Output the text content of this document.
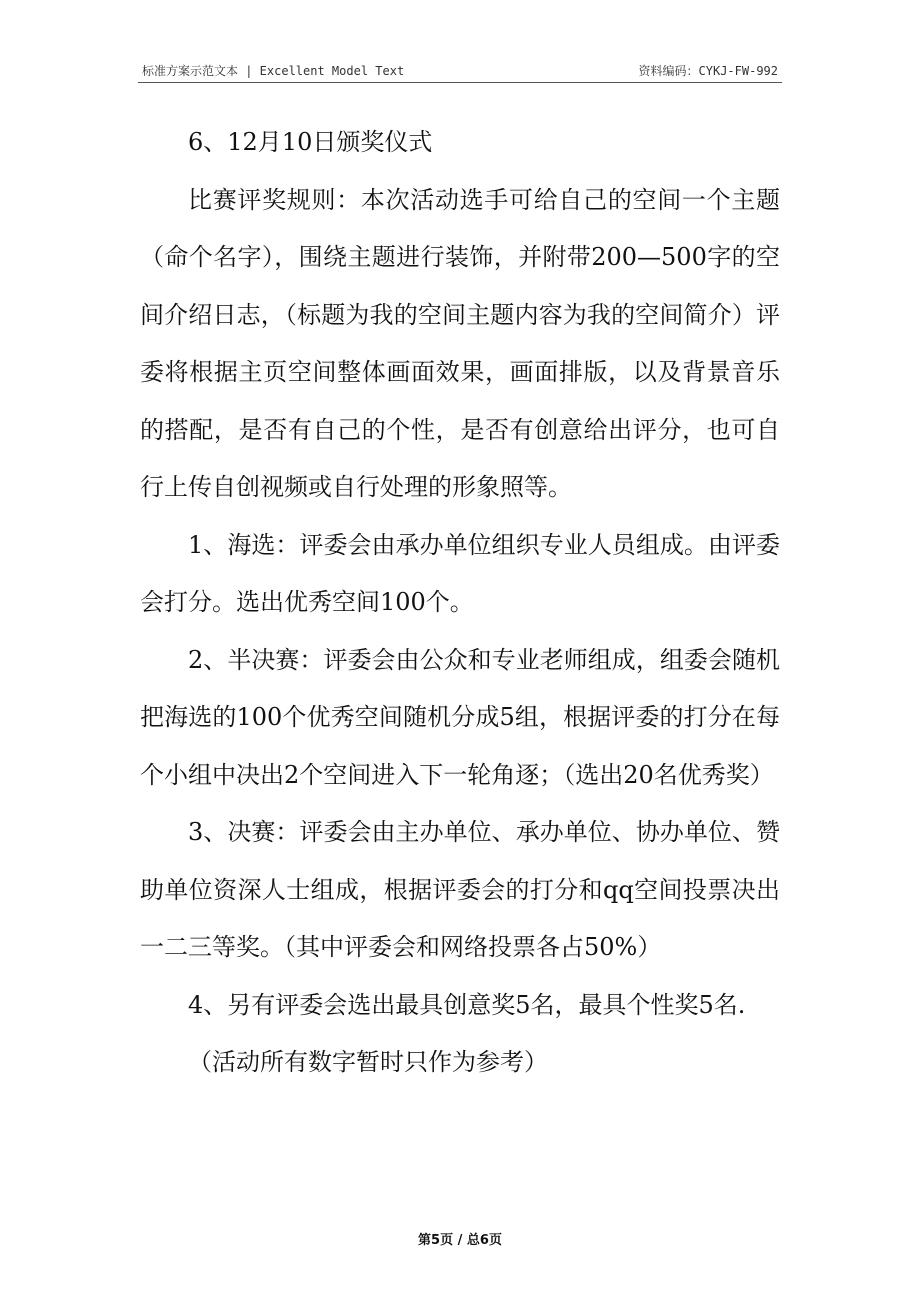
标准方案示范文本 | Excellent Model Text	资料编码：CYKJ-FW-992

6、12月10日颁奖仪式

比赛评奖规则：本次活动选手可给自己的空间一个主题（命个名字），围绕主题进行装饰，并附带200—500字的空间介绍日志，（标题为我的空间主题内容为我的空间简介）评委将根据主页空间整体画面效果，画面排版，以及背景音乐的搭配，是否有自己的个性，是否有创意给出评分，也可自行上传自创视频或自行处理的形象照等。

1、海选：评委会由承办单位组织专业人员组成。由评委会打分。选出优秀空间100个。

2、半决赛：评委会由公众和专业老师组成，组委会随机把海选的100个优秀空间随机分成5组，根据评委的打分在每个小组中决出2个空间进入下一轮角逐；（选出20名优秀奖）

3、决赛：评委会由主办单位、承办单位、协办单位、赞助单位资深人士组成，根据评委会的打分和qq空间投票决出一二三等奖。（其中评委会和网络投票各占50%）

4、另有评委会选出最具创意奖5名，最具个性奖5名.

（活动所有数字暂时只作为参考）

第5页 / 总6页
